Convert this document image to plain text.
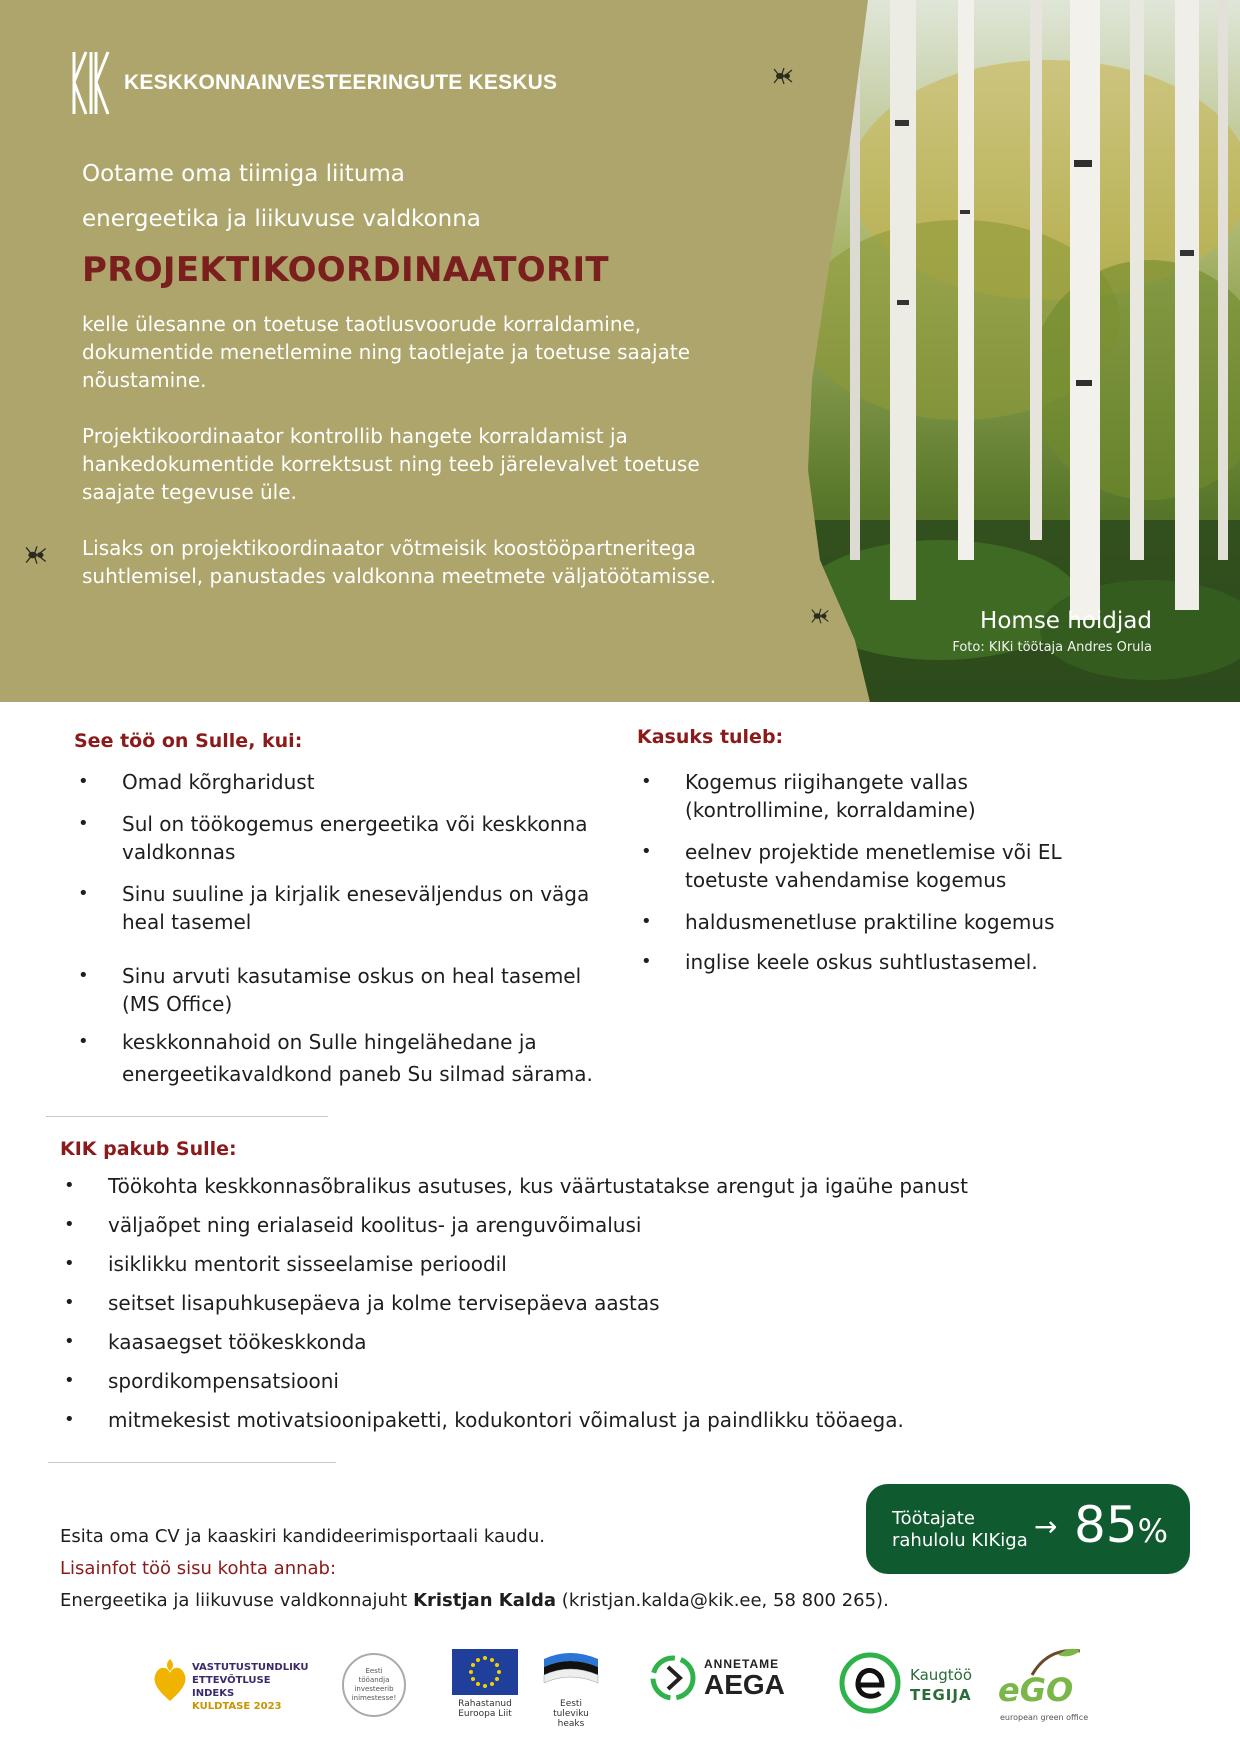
KESKKONNAINVESTEERINGUTE KESKUS
Ootame oma tiimiga liituma
energeetika ja liikuvuse valdkonna
PROJEKTIKOORDINAATORIT

kelle ülesanne on toetuse taotlusvoorude korraldamine, dokumentide menetlemine ning taotlejate ja toetuse saajate nõustamine.

Projektikoordinaator kontrollib hangete korraldamist ja hankedokumentide korrektsust ning teeb järelevalvet toetuse saajate tegevuse üle.

Lisaks on projektikoordinaator võtmeisik koostööpartneritega suhtlemisel, panustades valdkonna meetmete väljatöötamisse.

Homse hoidjad
Foto: KIKi töötaja Andres Orula
See töö on Sulle, kui:
• Omad kõrgharidust
• Sul on töökogemus energeetika või keskkonna valdkonnas
• Sinu suuline ja kirjalik eneseväljendus on väga heal tasemel
• Sinu arvuti kasutamise oskus on heal tasemel (MS Office)
• keskkonnahoid on Sulle hingelähedane ja energeetikavaldkond paneb Su silmad särama.
Kasuks tuleb:
• Kogemus riigihangete vallas (kontrollimine, korraldamine)
• eelnev projektide menetlemise või EL toetuste vahendamise kogemus
• haldusmenetluse praktiline kogemus
• inglise keele oskus suhtlustasemel.
KIK pakub Sulle:
• Töökohta keskkonnasõbralikus asutuses, kus väärtustatakse arengut ja igaühe panust
• väljaõpet ning erialaseid koolitus- ja arenguvõimalusi
• isiklikku mentorit sisseelamise perioodil
• seitset lisapuhkusepäeva ja kolme tervisepäeva aastas
• kaasaegset töökeskkonda
• spordikompensatsiooni
• mitmekesist motivatsioonipaketti, kodukontori võimalust ja paindlikku tööaega.
Esita oma CV ja kaaskiri kandideerimisportaali kaudu.
Lisainfot töö sisu kohta annab:
Energeetika ja liikuvuse valdkonnajuht Kristjan Kalda (kristjan.kalda@kik.ee, 58 800 265).
Töötajate
rahulolu KIKiga → 85%
VASTUTUSTUNDLIKU
ETTEVÕTLUSE INDEKS
KULDTASE 2023
Eesti tööandja investeerib inimestesse!
Rahastanud
Euroopa Liit
Eesti
tuleviku heaks
ANNETAME
AEGA	Kaugtöö
TEGIJA eGO
european green office
